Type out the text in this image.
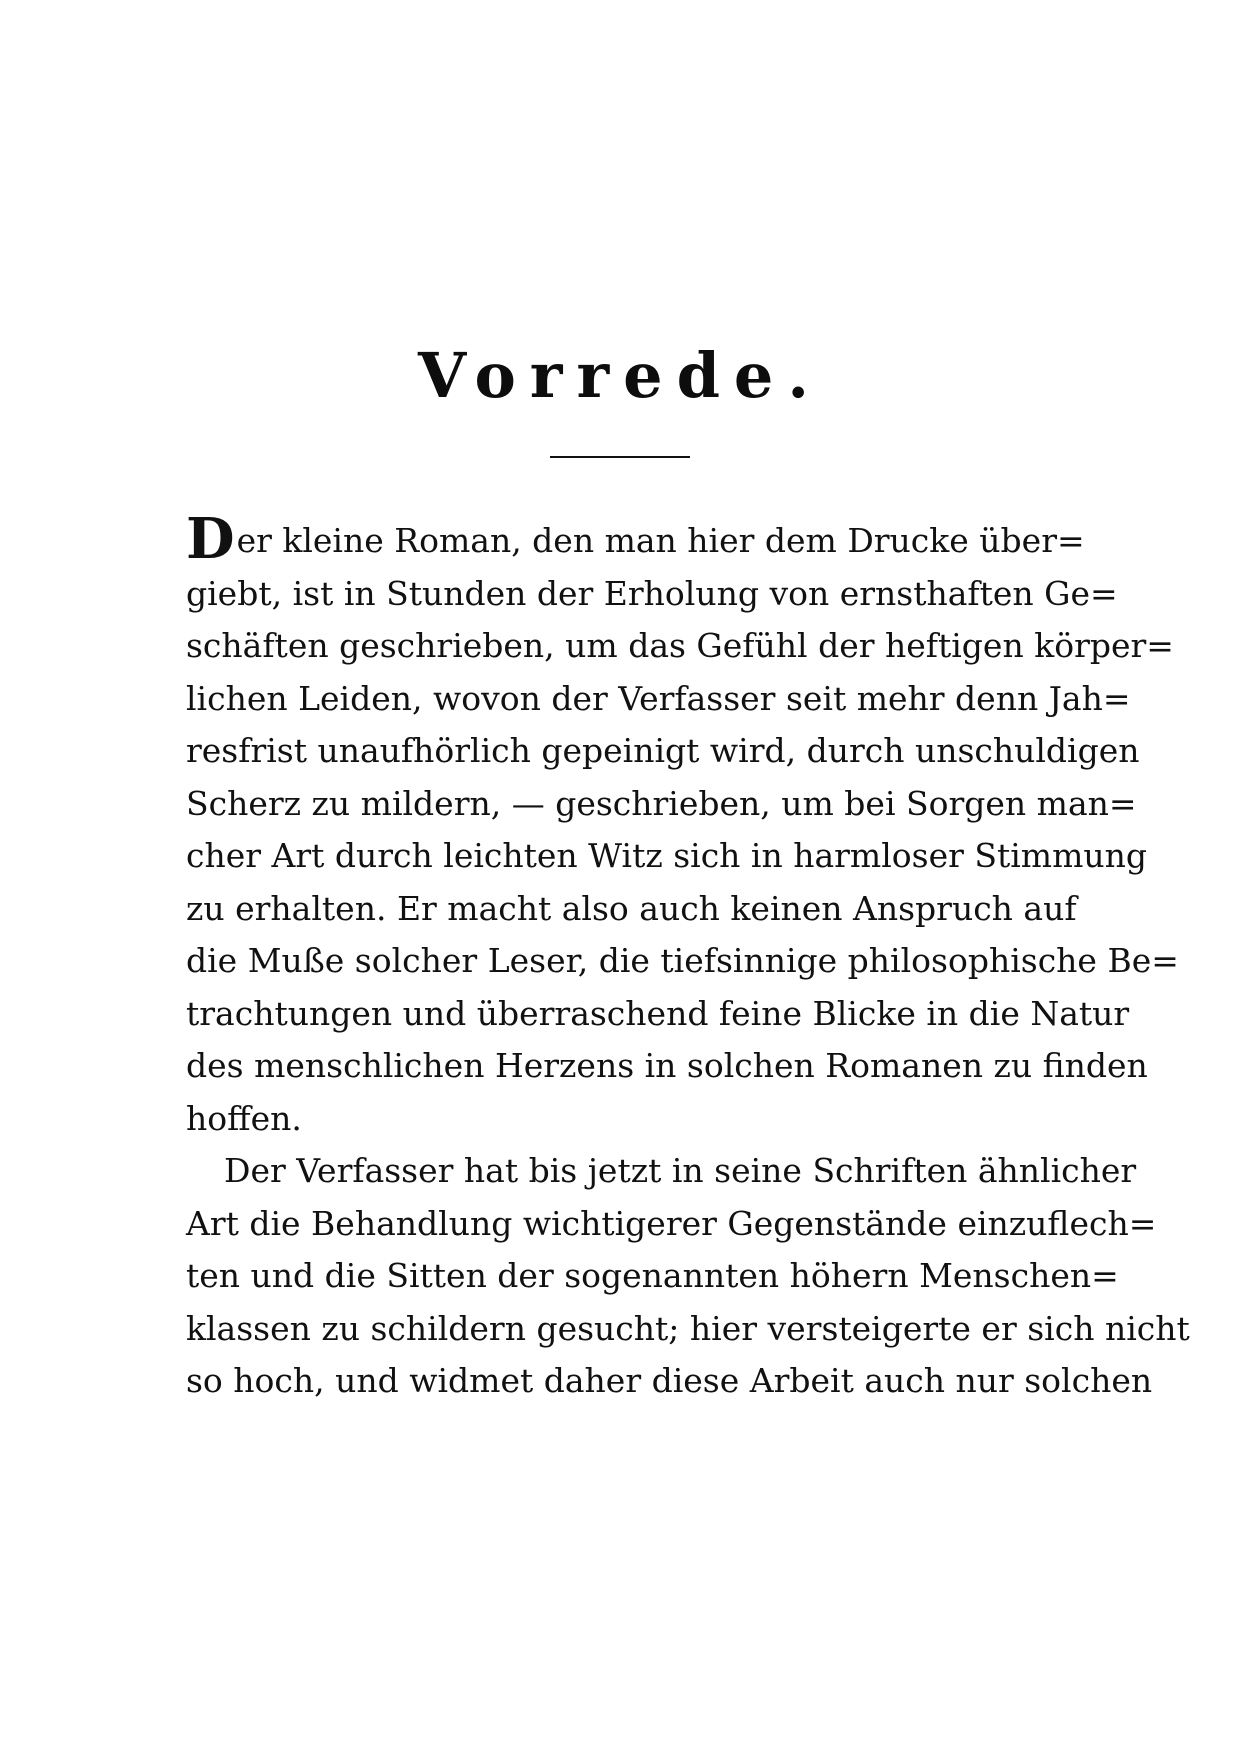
Vorrede.
Der kleine Roman, den man hier dem Drucke über=
giebt, ist in Stunden der Erholung von ernsthaften Ge=
schäften geschrieben, um das Gefühl der heftigen körper=
lichen Leiden, wovon der Verfasser seit mehr denn Jah=
resfrist unaufhörlich gepeinigt wird, durch unschuldigen
Scherz zu mildern, — geschrieben, um bei Sorgen man=
cher Art durch leichten Witz sich in harmloser Stimmung
zu erhalten. Er macht also auch keinen Anspruch auf
die Muße solcher Leser, die tiefsinnige philosophische Be=
trachtungen und überraschend feine Blicke in die Natur
des menschlichen Herzens in solchen Romanen zu finden
hoffen.
Der Verfasser hat bis jetzt in seine Schriften ähnlicher
Art die Behandlung wichtigerer Gegenstände einzuflech=
ten und die Sitten der sogenannten höhern Menschen=
klassen zu schildern gesucht; hier versteigerte er sich nicht
so hoch, und widmet daher diese Arbeit auch nur solchen
